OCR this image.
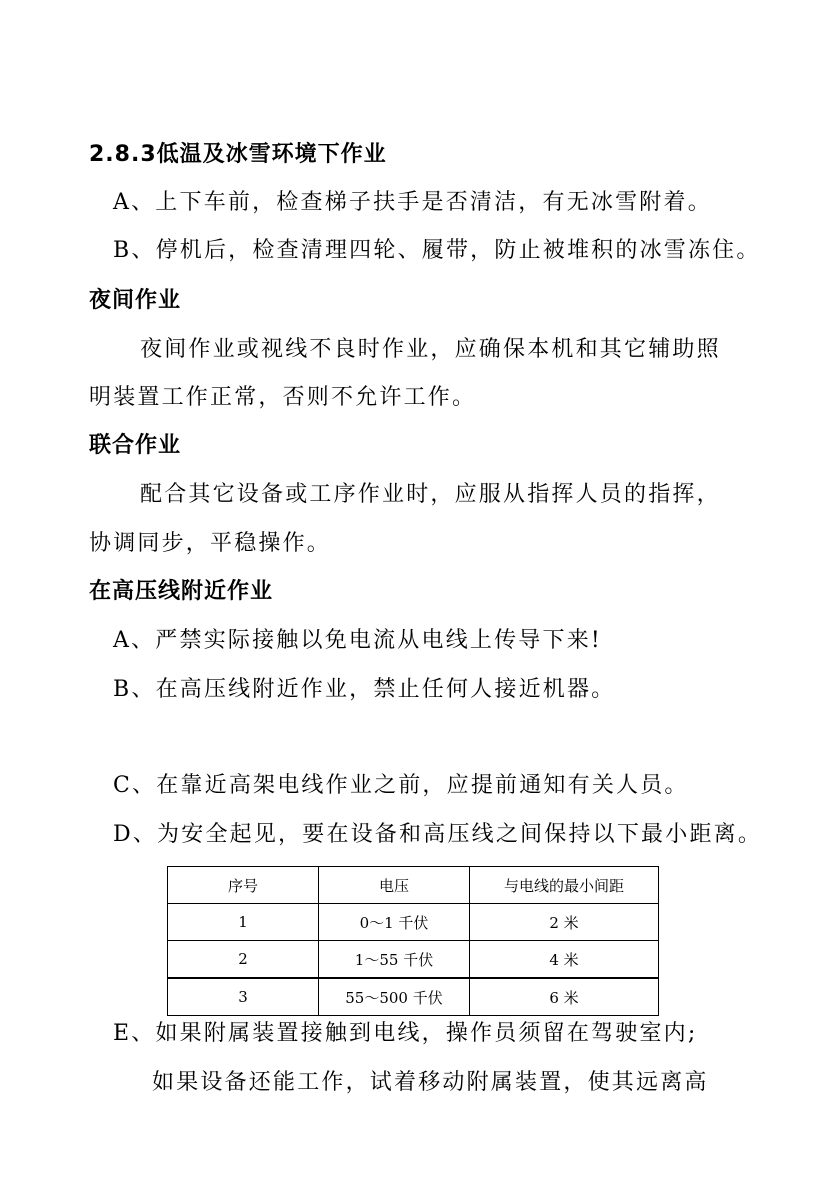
2.8.3低温及冰雪环境下作业
A、上下车前，检查梯子扶手是否清洁，有无冰雪附着。
B、停机后，检查清理四轮、履带，防止被堆积的冰雪冻住。
夜间作业
夜间作业或视线不良时作业，应确保本机和其它辅助照
明装置工作正常，否则不允许工作。
联合作业
配合其它设备或工序作业时，应服从指挥人员的指挥，
协调同步，平稳操作。
在高压线附近作业
A、严禁实际接触以免电流从电线上传导下来!
B、在高压线附近作业，禁止任何人接近机器。
C、在靠近高架电线作业之前，应提前通知有关人员。
D、为安全起见，要在设备和高压线之间保持以下最小距离。
序号	电压	与电线的最小间距
1	0～1 千伏	2 米
2	1～55 千伏	4 米
3	55～500 千伏	6 米
E、如果附属装置接触到电线，操作员须留在驾驶室内;
如果设备还能工作，试着移动附属装置，使其远离高
